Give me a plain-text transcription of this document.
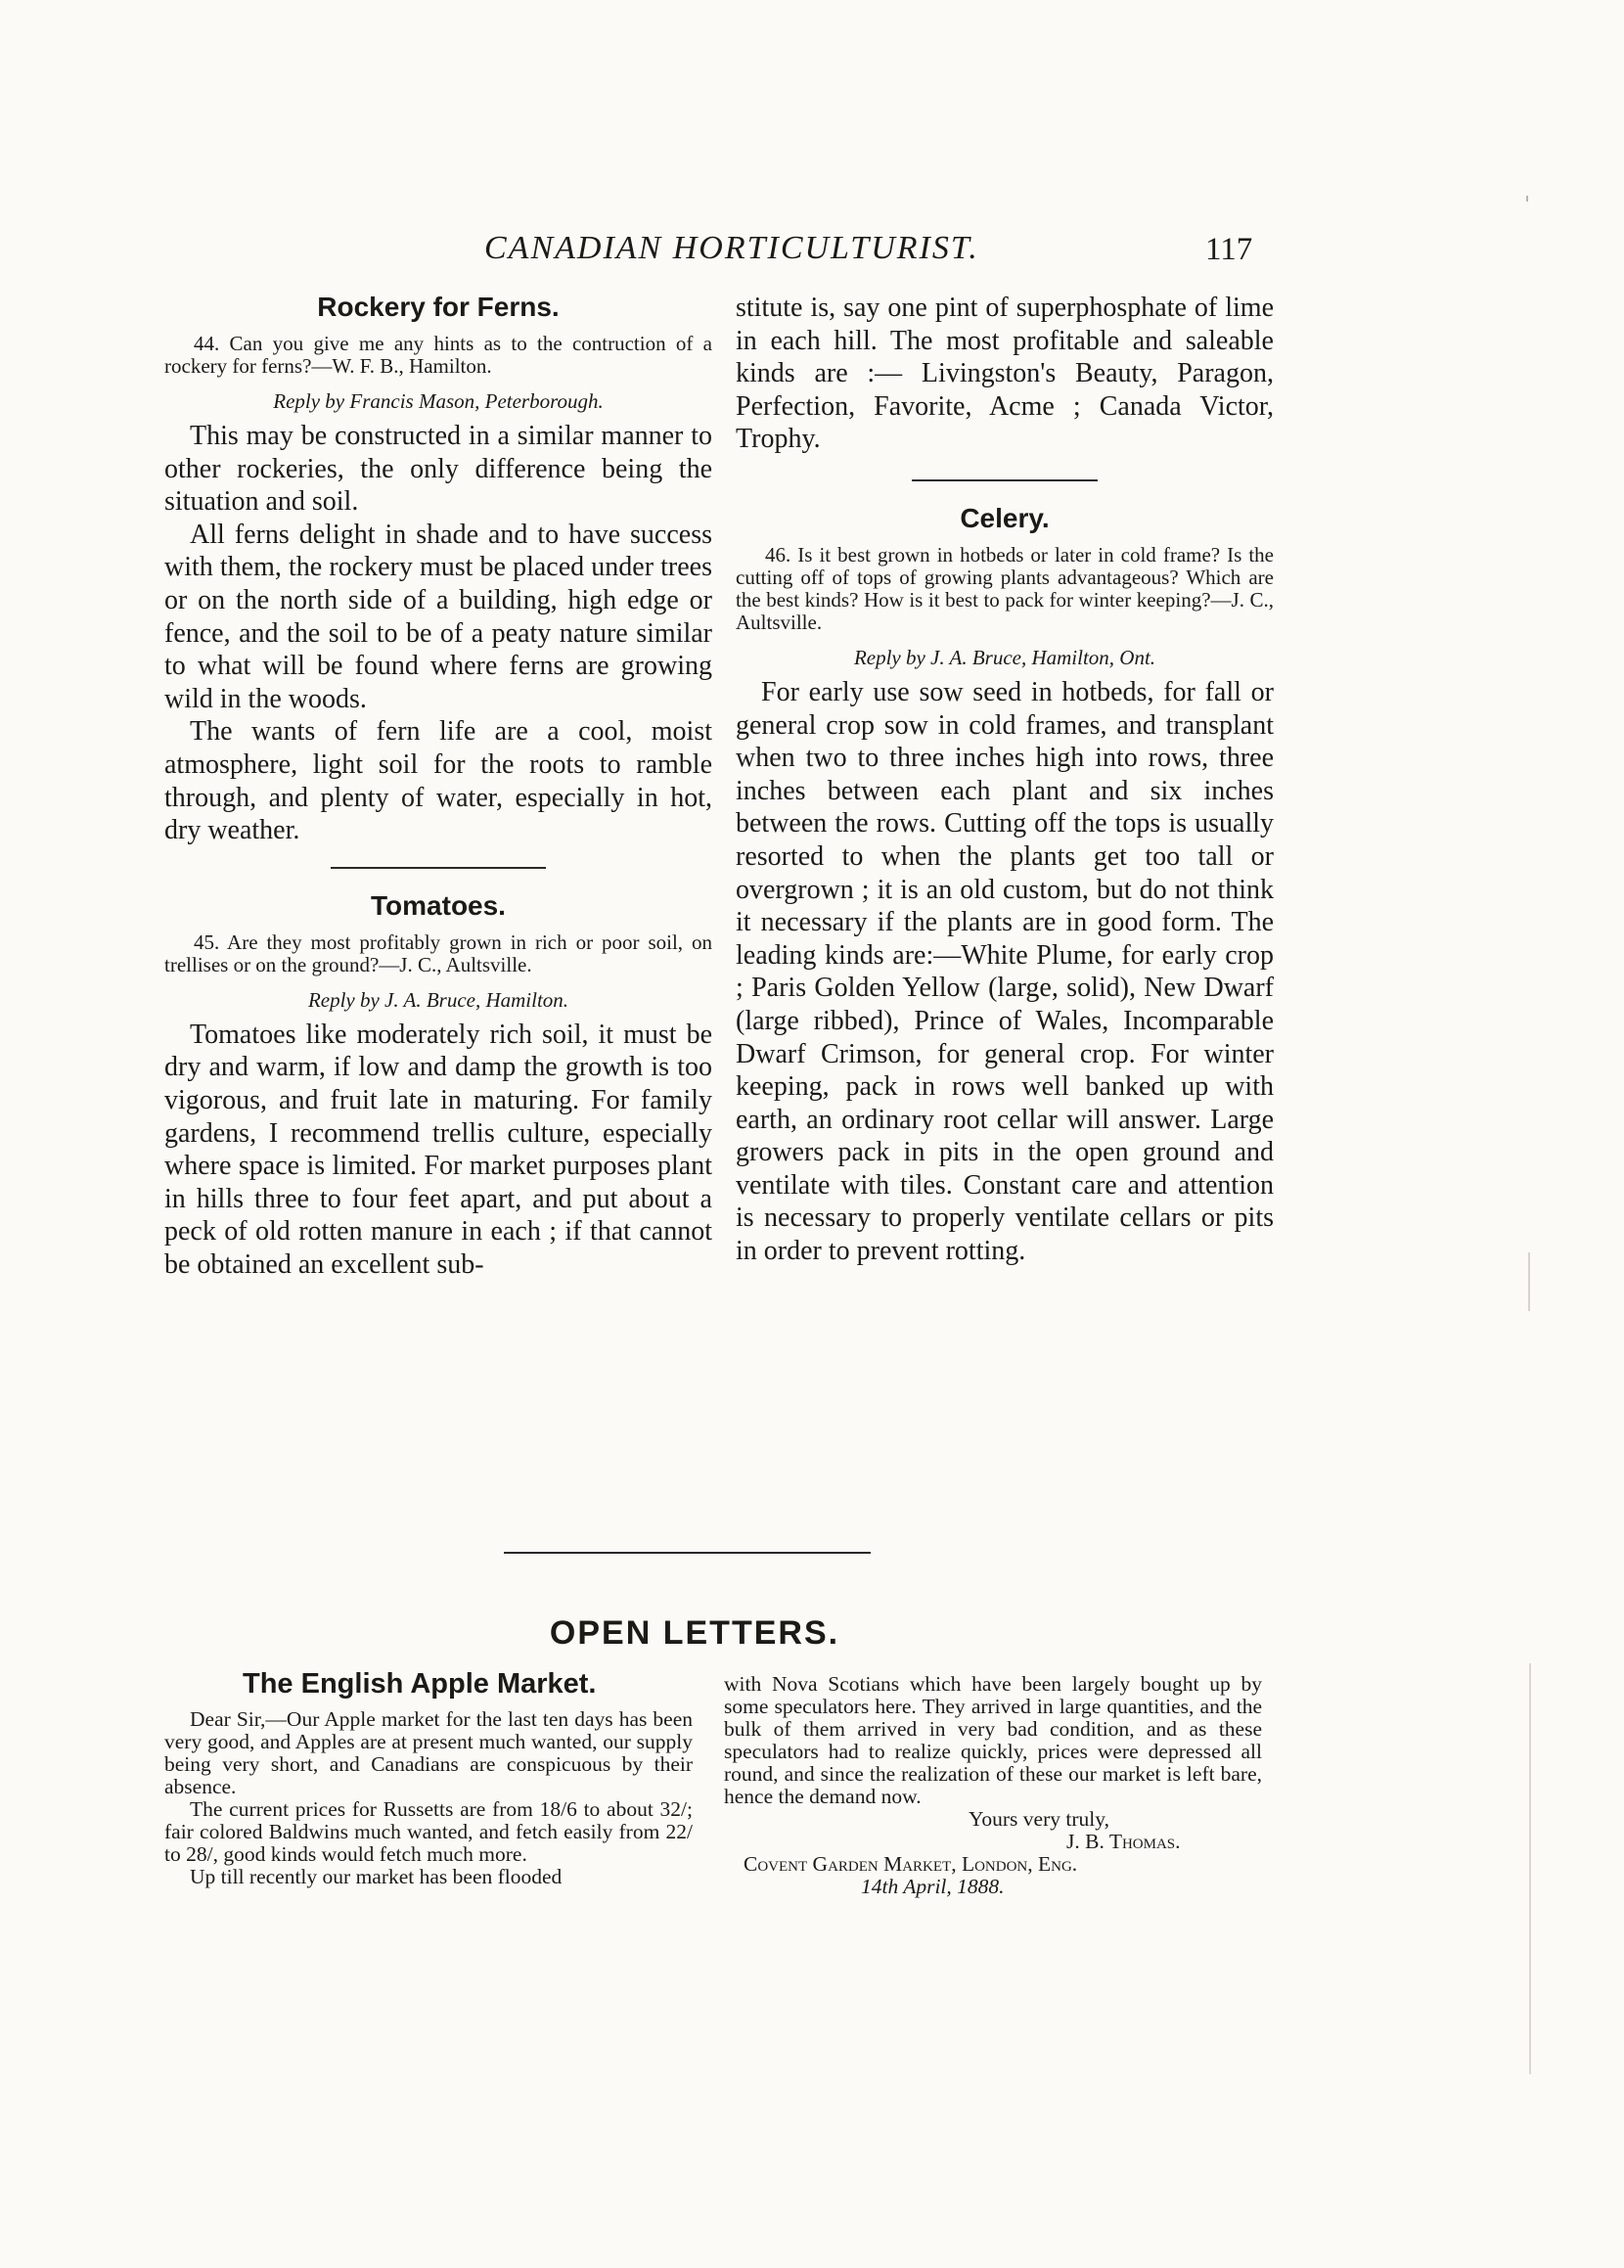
CANADIAN HORTICULTURIST.	117
Rockery for Ferns.

44. Can you give me any hints as to the contruction of a rockery for ferns?—W. F. B., Hamilton.

Reply by Francis Mason, Peterborough.

This may be constructed in a similar manner to other rockeries, the only difference being the situation and soil.

All ferns delight in shade and to have success with them, the rockery must be placed under trees or on the north side of a building, high edge or fence, and the soil to be of a peaty nature similar to what will be found where ferns are growing wild in the woods.

The wants of fern life are a cool, moist atmosphere, light soil for the roots to ramble through, and plenty of water, especially in hot, dry weather.

Tomatoes.

45. Are they most profitably grown in rich or poor soil, on trellises or on the ground?—J. C., Aultsville.

Reply by J. A. Bruce, Hamilton.

Tomatoes like moderately rich soil, it must be dry and warm, if low and damp the growth is too vigorous, and fruit late in maturing. For family gardens, I recommend trellis culture, especially where space is limited. For market purposes plant in hills three to four feet apart, and put about a peck of old rotten manure in each ; if that cannot be obtained an excellent sub-

stitute is, say one pint of superphosphate of lime in each hill. The most profitable and saleable kinds are :— Livingston's Beauty, Paragon, Perfection, Favorite, Acme ; Canada Victor, Trophy.

Celery.

46. Is it best grown in hotbeds or later in cold frame? Is the cutting off of tops of growing plants advantageous? Which are the best kinds? How is it best to pack for winter keeping?—J. C., Aultsville.

Reply by J. A. Bruce, Hamilton, Ont.

For early use sow seed in hotbeds, for fall or general crop sow in cold frames, and transplant when two to three inches high into rows, three inches between each plant and six inches between the rows. Cutting off the tops is usually resorted to when the plants get too tall or overgrown ; it is an old custom, but do not think it necessary if the plants are in good form. The leading kinds are:—White Plume, for early crop ; Paris Golden Yellow (large, solid), New Dwarf (large ribbed), Prince of Wales, Incomparable Dwarf Crimson, for general crop. For winter keeping, pack in rows well banked up with earth, an ordinary root cellar will answer. Large growers pack in pits in the open ground and ventilate with tiles. Constant care and attention is necessary to properly ventilate cellars or pits in order to prevent rotting.

OPEN LETTERS.
The English Apple Market.

Dear Sir,—Our Apple market for the last ten days has been very good, and Apples are at present much wanted, our supply being very short, and Canadians are conspicuous by their absence.

The current prices for Russetts are from 18/6 to about 32/; fair colored Baldwins much wanted, and fetch easily from 22/ to 28/, good kinds would fetch much more.

Up till recently our market has been flooded

with Nova Scotians which have been largely bought up by some speculators here. They arrived in large quantities, and the bulk of them arrived in very bad condition, and as these speculators had to realize quickly, prices were depressed all round, and since the realization of these our market is left bare, hence the demand now.

Yours very truly,

J. B. Thomas.

Covent Garden Market, London, Eng.

14th April, 1888.
